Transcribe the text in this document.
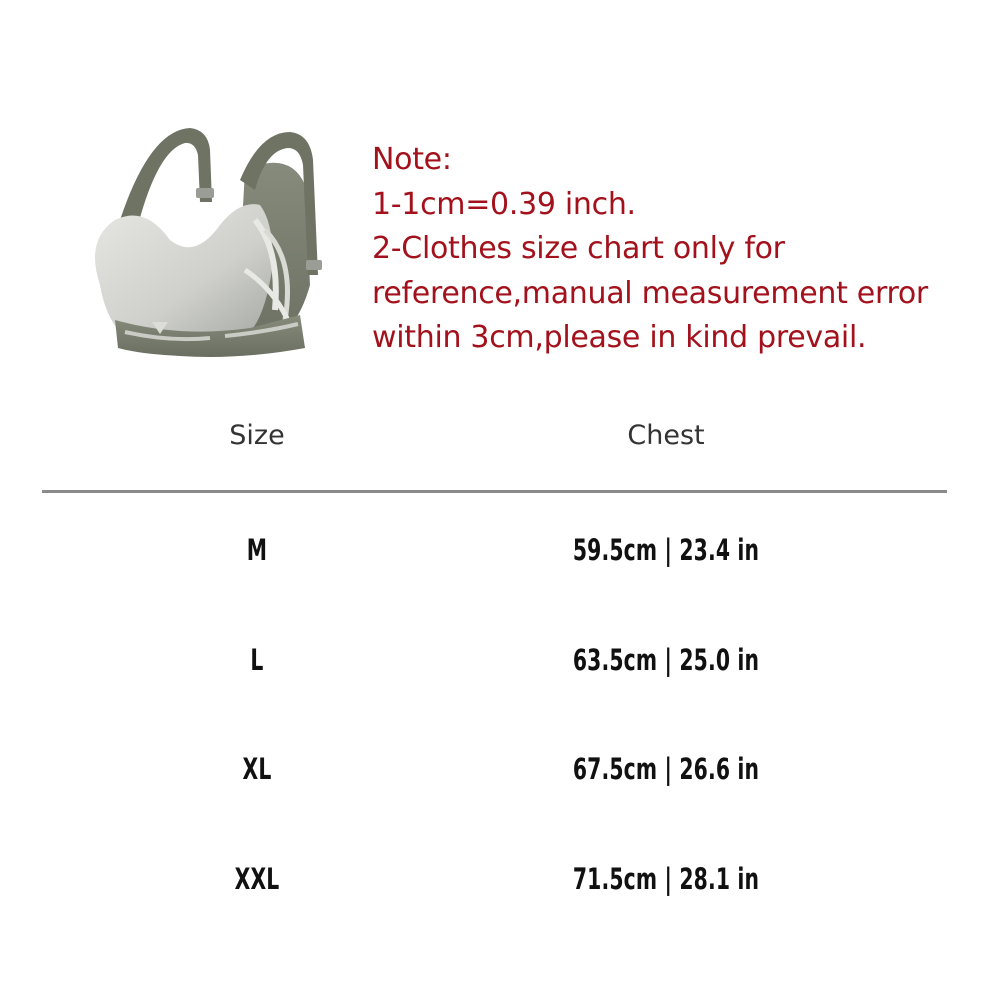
Note:
1-1cm=0.39 inch.
2-Clothes size chart only for
reference,manual measurement error
within 3cm,please in kind prevail.
Size	Chest
M	59.5cm | 23.4 in
L	63.5cm | 25.0 in
XL	67.5cm | 26.6 in
XXL	71.5cm | 28.1 in
